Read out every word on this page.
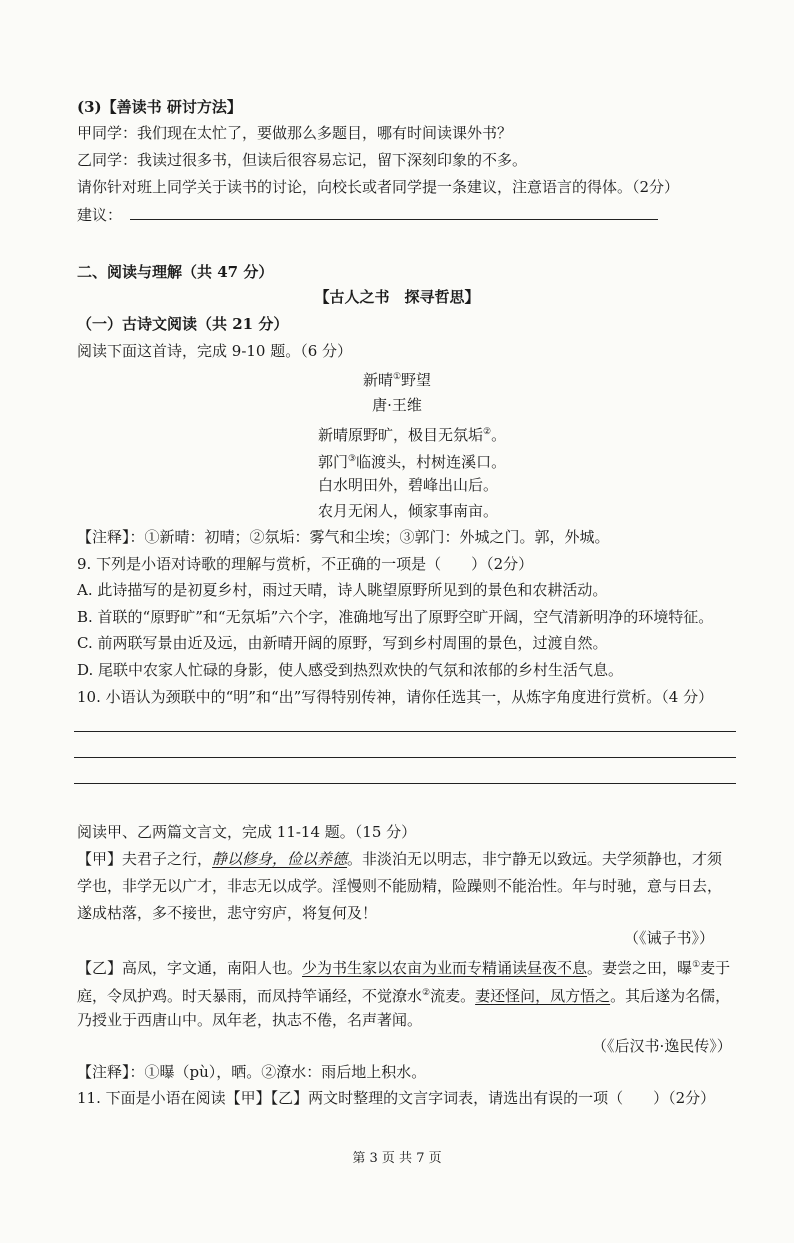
(3)【善读书 研讨方法】
甲同学：我们现在太忙了，要做那么多题目，哪有时间读课外书？
乙同学：我读过很多书，但读后很容易忘记，留下深刻印象的不多。
请你针对班上同学关于读书的讨论，向校长或者同学提一条建议，注意语言的得体。（2分）
建议：
二、阅读与理解（共 47 分）
【古人之书　探寻哲思】
（一）古诗文阅读（共 21 分）
阅读下面这首诗，完成 9-10 题。（6 分）
新晴①野望
唐·王维
新晴原野旷，极目无氛垢②。
郭门③临渡头，村树连溪口。
白水明田外，碧峰出山后。
农月无闲人，倾家事南亩。
【注释】：①新晴：初晴；②氛垢：雾气和尘埃；③郭门：外城之门。郭，外城。
9. 下列是小语对诗歌的理解与赏析，不正确的一项是（　　）（2分）
A. 此诗描写的是初夏乡村，雨过天晴，诗人眺望原野所见到的景色和农耕活动。
B. 首联的“原野旷”和“无氛垢”六个字，准确地写出了原野空旷开阔，空气清新明净的环境特征。
C. 前两联写景由近及远，由新晴开阔的原野，写到乡村周围的景色，过渡自然。
D. 尾联中农家人忙碌的身影，使人感受到热烈欢快的气氛和浓郁的乡村生活气息。
10. 小语认为颈联中的“明”和“出”写得特别传神，请你任选其一，从炼字角度进行赏析。（4 分）
阅读甲、乙两篇文言文，完成 11-14 题。（15 分）
【甲】夫君子之行，静以修身，俭以养德。非淡泊无以明志，非宁静无以致远。夫学须静也，才须
学也，非学无以广才，非志无以成学。淫慢则不能励精，险躁则不能治性。年与时驰，意与日去，
遂成枯落，多不接世，悲守穷庐，将复何及！
（《诫子书》）
【乙】高凤，字文通，南阳人也。少为书生家以农亩为业而专精诵读昼夜不息。妻尝之田，曝①麦于
庭，令凤护鸡。时天暴雨，而凤持竿诵经，不觉潦水②流麦。妻还怪问，凤方悟之。其后遂为名儒，
乃授业于西唐山中。凤年老，执志不倦，名声著闻。
（《后汉书·逸民传》）
【注释】：①曝（pù），晒。②潦水：雨后地上积水。
11. 下面是小语在阅读【甲】【乙】两文时整理的文言字词表，请选出有误的一项（　　）（2分）
第 3 页 共 7 页
